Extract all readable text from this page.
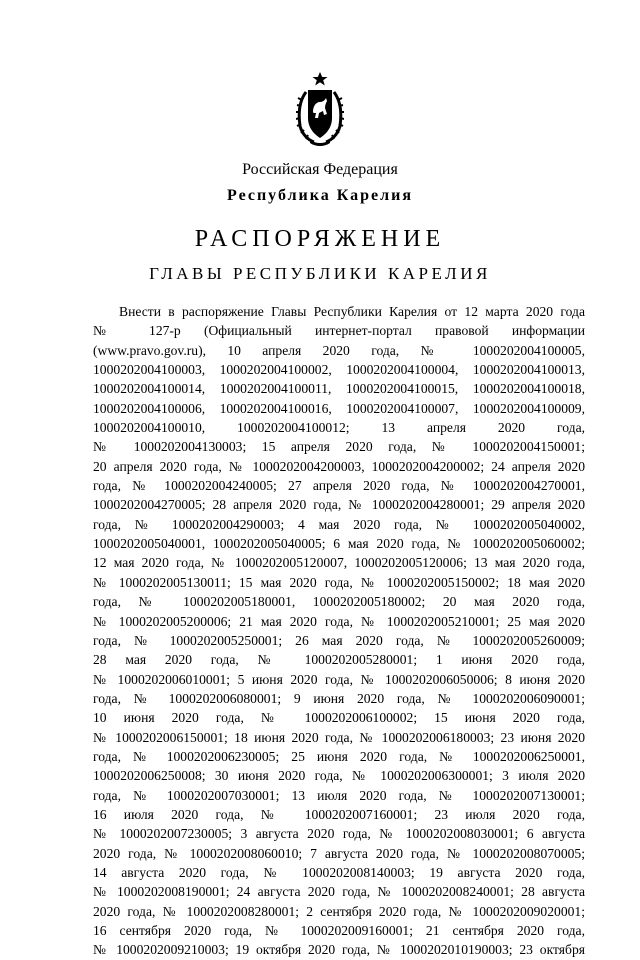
Российская Федерация
Республика Карелия
РАСПОРЯЖЕНИЕ
ГЛАВЫ РЕСПУБЛИКИ КАРЕЛИЯ
Внести в распоряжение Главы Республики Карелия от 12 марта 2020 года
№ 127-р (Официальный интернет-портал правовой информации
(www.pravo.gov.ru), 10 апреля 2020 года, № 1000202004100005,
1000202004100003, 1000202004100002, 1000202004100004, 1000202004100013,
1000202004100014, 1000202004100011, 1000202004100015, 1000202004100018,
1000202004100006, 1000202004100016, 1000202004100007, 1000202004100009,
1000202004100010, 1000202004100012; 13 апреля 2020 года,
№ 1000202004130003; 15 апреля 2020 года, № 1000202004150001;
20 апреля 2020 года, № 1000202004200003, 1000202004200002; 24 апреля 2020
года, № 1000202004240005; 27 апреля 2020 года, № 1000202004270001,
1000202004270005; 28 апреля 2020 года, № 1000202004280001; 29 апреля 2020
года, № 1000202004290003; 4 мая 2020 года, № 1000202005040002,
1000202005040001, 1000202005040005; 6 мая 2020 года, № 1000202005060002;
12 мая 2020 года, № 1000202005120007, 1000202005120006; 13 мая 2020 года,
№ 1000202005130011; 15 мая 2020 года, № 1000202005150002; 18 мая 2020
года, № 1000202005180001, 1000202005180002; 20 мая 2020 года,
№ 1000202005200006; 21 мая 2020 года, № 1000202005210001; 25 мая 2020
года, № 1000202005250001; 26 мая 2020 года, № 1000202005260009;
28 мая 2020 года, № 1000202005280001; 1 июня 2020 года,
№ 1000202006010001; 5 июня 2020 года, № 1000202006050006; 8 июня 2020
года, № 1000202006080001; 9 июня 2020 года, № 1000202006090001;
10 июня 2020 года, № 1000202006100002; 15 июня 2020 года,
№ 1000202006150001; 18 июня 2020 года, № 1000202006180003; 23 июня 2020
года, № 1000202006230005; 25 июня 2020 года, № 1000202006250001,
1000202006250008; 30 июня 2020 года, № 1000202006300001; 3 июля 2020
года, № 1000202007030001; 13 июля 2020 года, № 1000202007130001;
16 июля 2020 года, № 1000202007160001; 23 июля 2020 года,
№ 1000202007230005; 3 августа 2020 года, № 1000202008030001; 6 августа
2020 года, № 1000202008060010; 7 августа 2020 года, № 1000202008070005;
14 августа 2020 года, № 1000202008140003; 19 августа 2020 года,
№ 1000202008190001; 24 августа 2020 года, № 1000202008240001; 28 августа
2020 года, № 1000202008280001; 2 сентября 2020 года, № 1000202009020001;
16 сентября 2020 года, № 1000202009160001; 21 сентября 2020 года,
№ 1000202009210003; 19 октября 2020 года, № 1000202010190003; 23 октября
